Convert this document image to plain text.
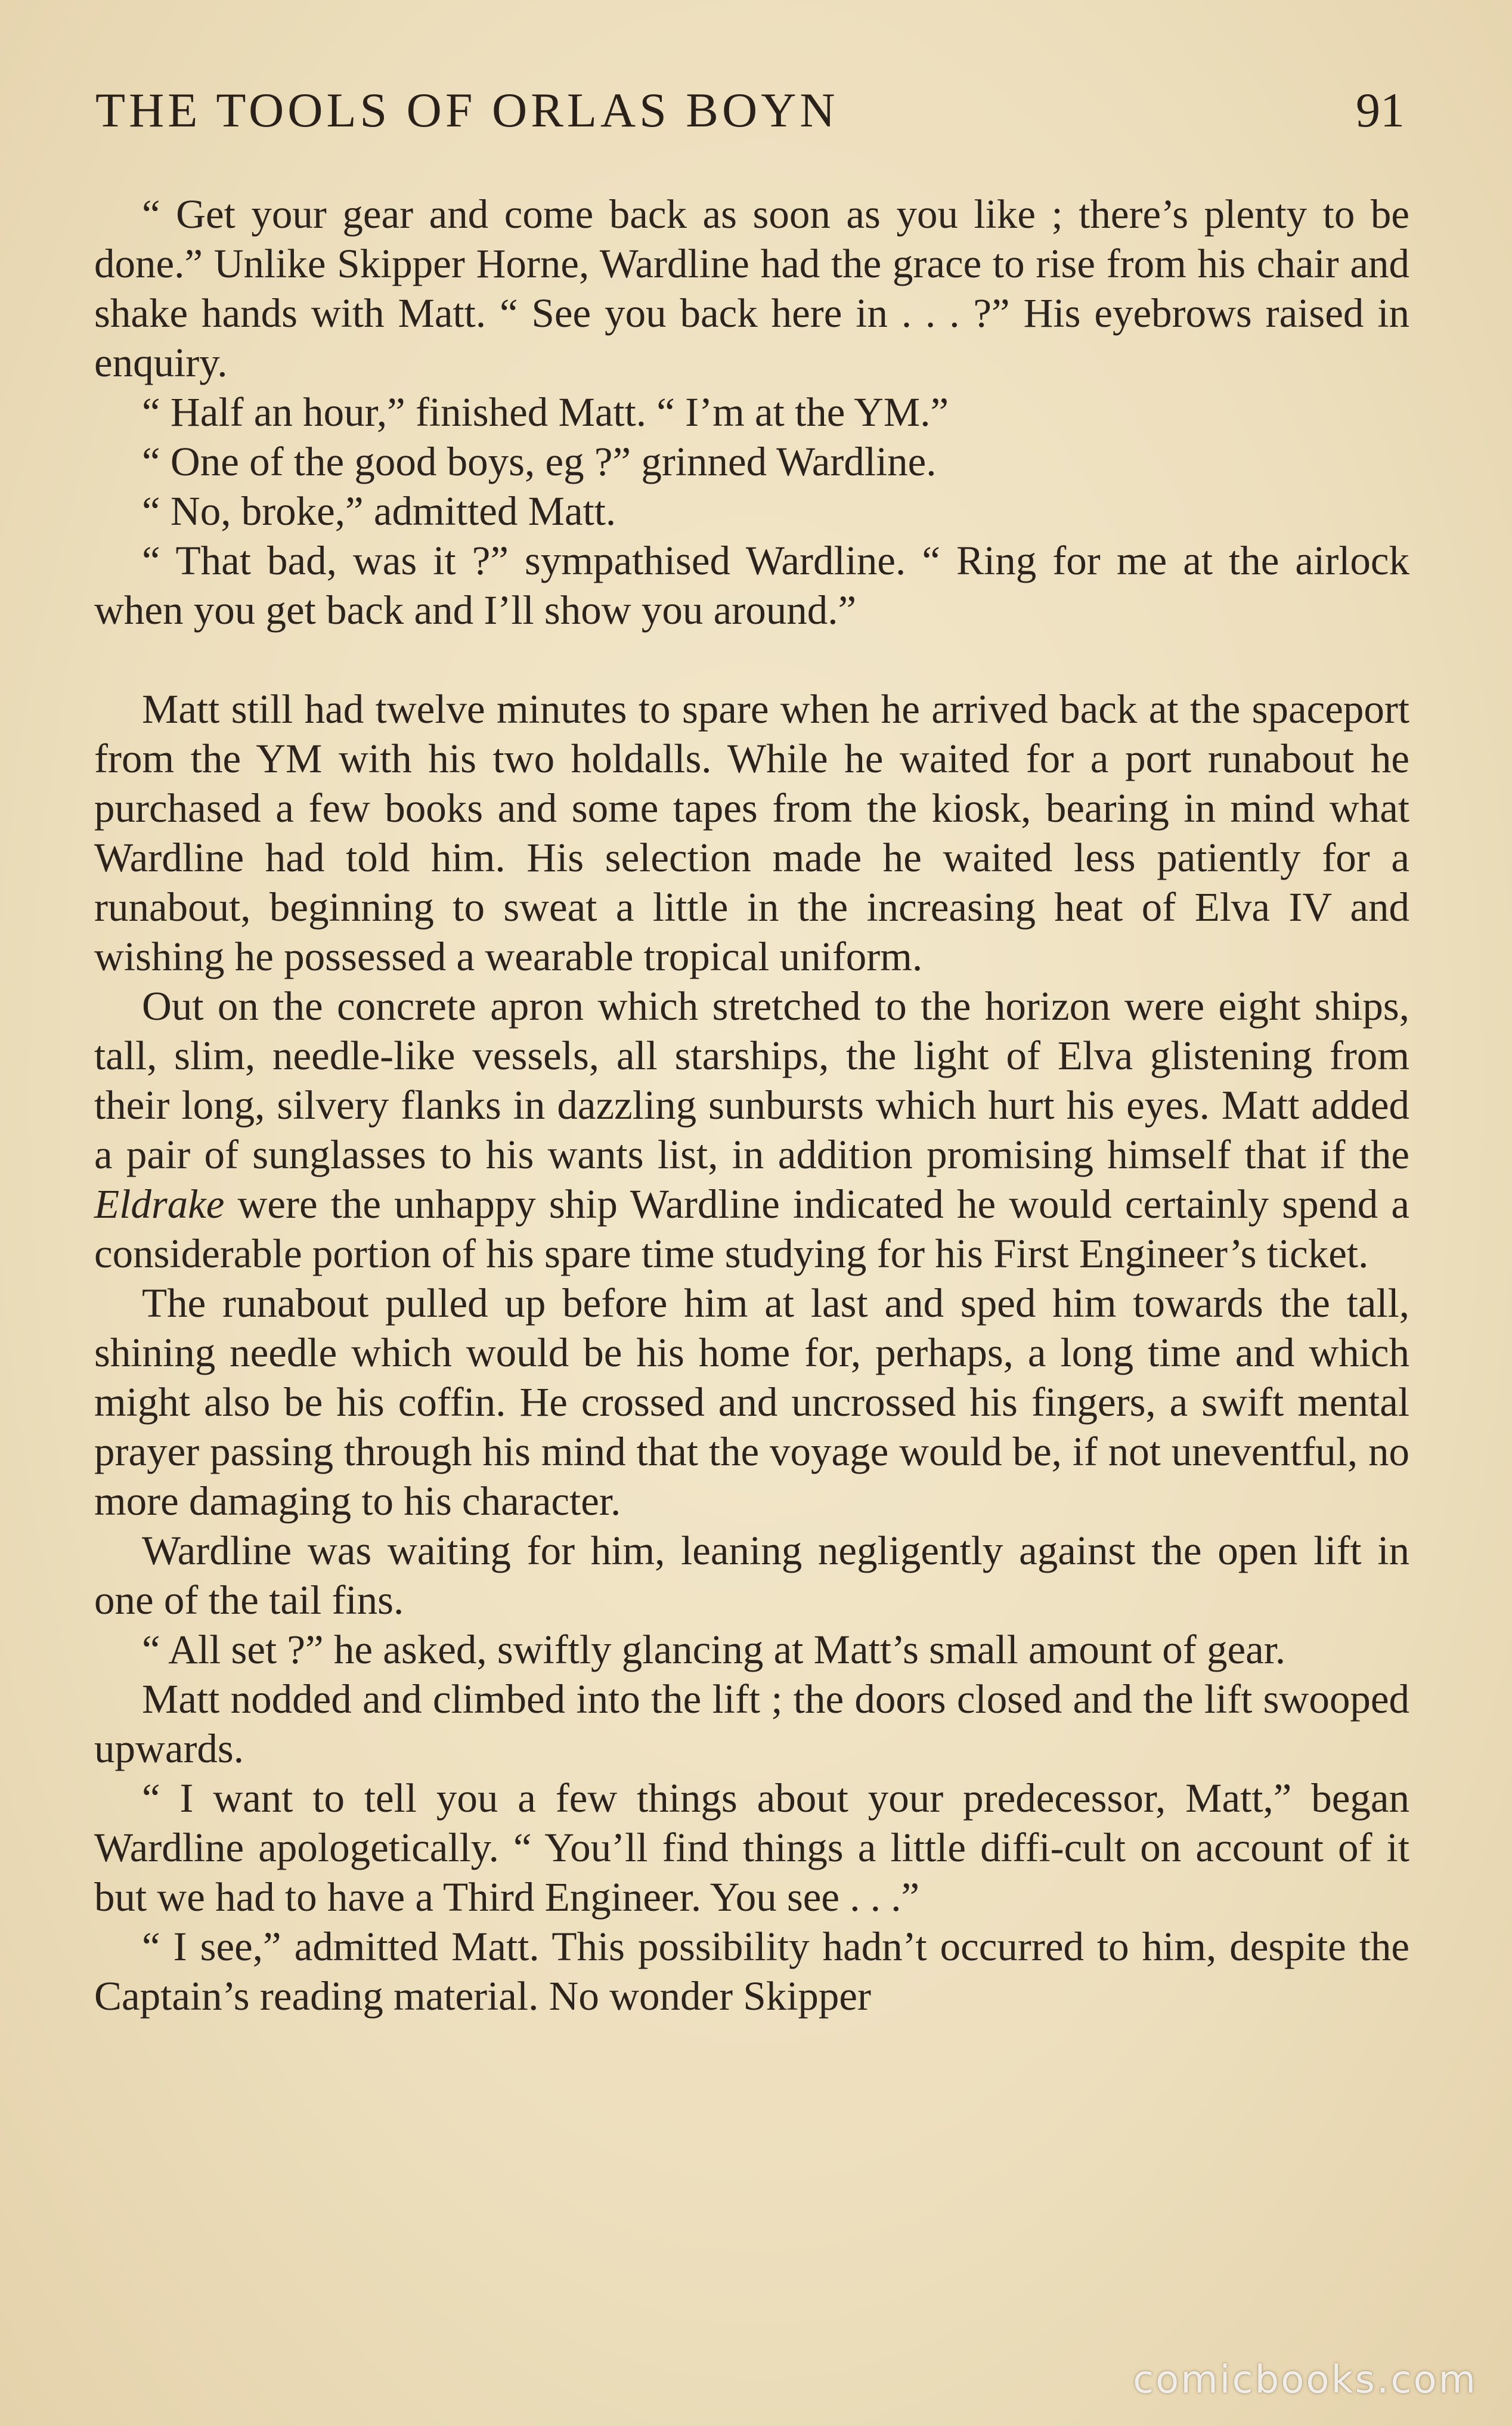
THE TOOLS OF ORLAS BOYN	91

“ Get your gear and come back as soon as you like ; there’s plenty to be done.” Unlike Skipper Horne, Wardline had the grace to rise from his chair and shake hands with Matt. “ See you back here in . . . ?” His eyebrows raised in enquiry.

“ Half an hour,” finished Matt. “ I’m at the YM.”

“ One of the good boys, eg ?” grinned Wardline.

“ No, broke,” admitted Matt.

“ That bad, was it ?” sympathised Wardline. “ Ring for me at the airlock when you get back and I’ll show you around.”

Matt still had twelve minutes to spare when he arrived back at the spaceport from the YM with his two holdalls. While he waited for a port runabout he purchased a few books and some tapes from the kiosk, bearing in mind what Wardline had told him. His selection made he waited less patiently for a runabout, beginning to sweat a little in the increasing heat of Elva IV and wishing he possessed a wearable tropical uniform.

Out on the concrete apron which stretched to the horizon were eight ships, tall, slim, needle-like vessels, all starships, the light of Elva glistening from their long, silvery flanks in dazzling sunbursts which hurt his eyes. Matt added a pair of sunglasses to his wants list, in addition promising himself that if the Eldrake were the unhappy ship Wardline indicated he would certainly spend a considerable portion of his spare time studying for his First Engineer’s ticket.

The runabout pulled up before him at last and sped him towards the tall, shining needle which would be his home for, perhaps, a long time and which might also be his coffin. He crossed and uncrossed his fingers, a swift mental prayer passing through his mind that the voyage would be, if not uneventful, no more damaging to his character.

Wardline was waiting for him, leaning negligently against the open lift in one of the tail fins.

“ All set ?” he asked, swiftly glancing at Matt’s small amount of gear.

Matt nodded and climbed into the lift ; the doors closed and the lift swooped upwards.

“ I want to tell you a few things about your predecessor, Matt,” began Wardline apologetically. “ You’ll find things a little diffi-cult on account of it but we had to have a Third Engineer. You see . . .”

“ I see,” admitted Matt. This possibility hadn’t occurred to him, despite the Captain’s reading material. No wonder Skipper

comicbooks.com
